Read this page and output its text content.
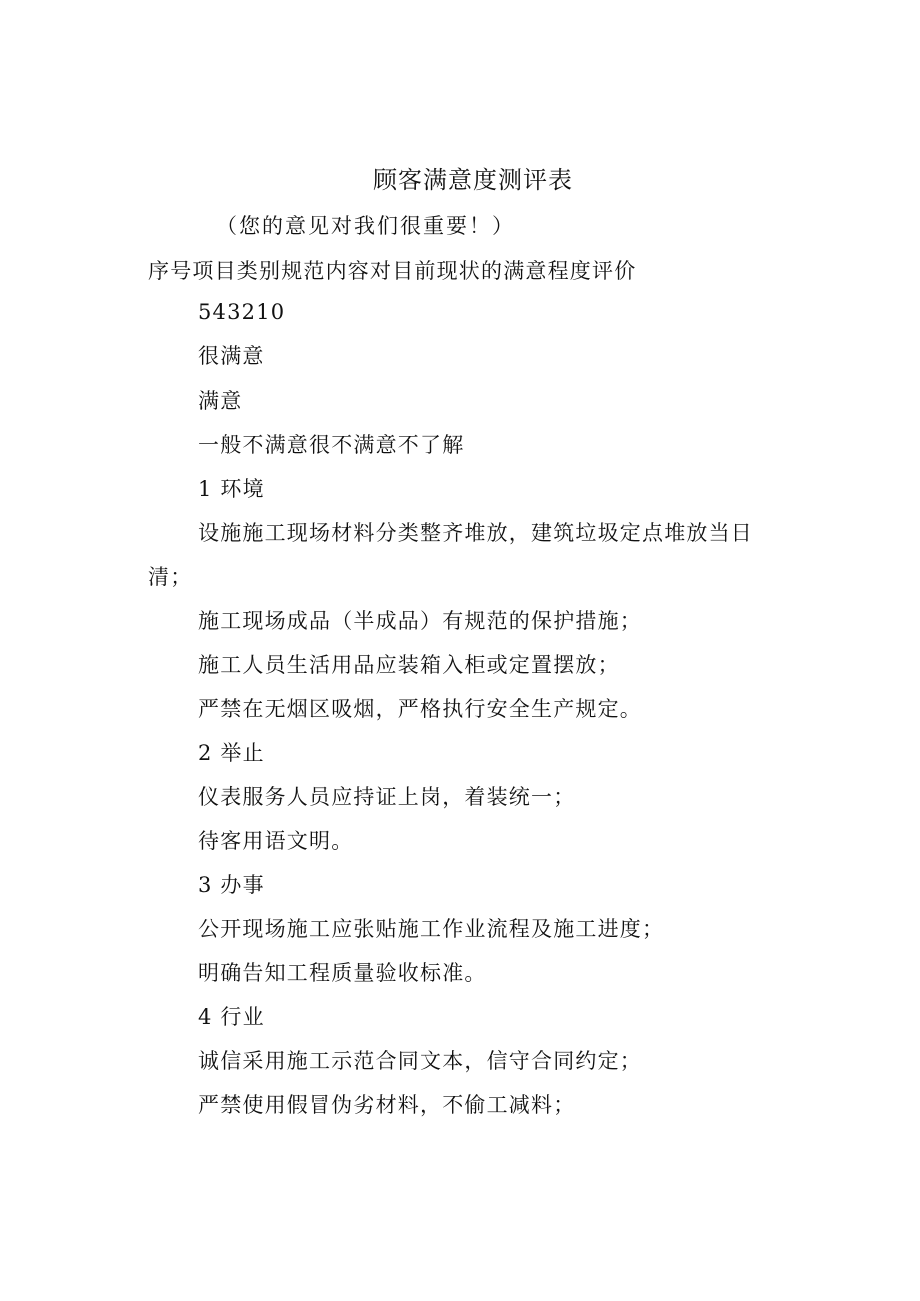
顾客满意度测评表
（您的意见对我们很重要！）
序号项目类别规范内容对目前现状的满意程度评价
543210
很满意
满意
一般不满意很不满意不了解
1 环境
设施施工现场材料分类整齐堆放，建筑垃圾定点堆放当日
清；
施工现场成品（半成品）有规范的保护措施；
施工人员生活用品应装箱入柜或定置摆放；
严禁在无烟区吸烟，严格执行安全生产规定。
2 举止
仪表服务人员应持证上岗，着装统一；
待客用语文明。
3 办事
公开现场施工应张贴施工作业流程及施工进度；
明确告知工程质量验收标准。
4 行业
诚信采用施工示范合同文本，信守合同约定；
严禁使用假冒伪劣材料，不偷工减料；
